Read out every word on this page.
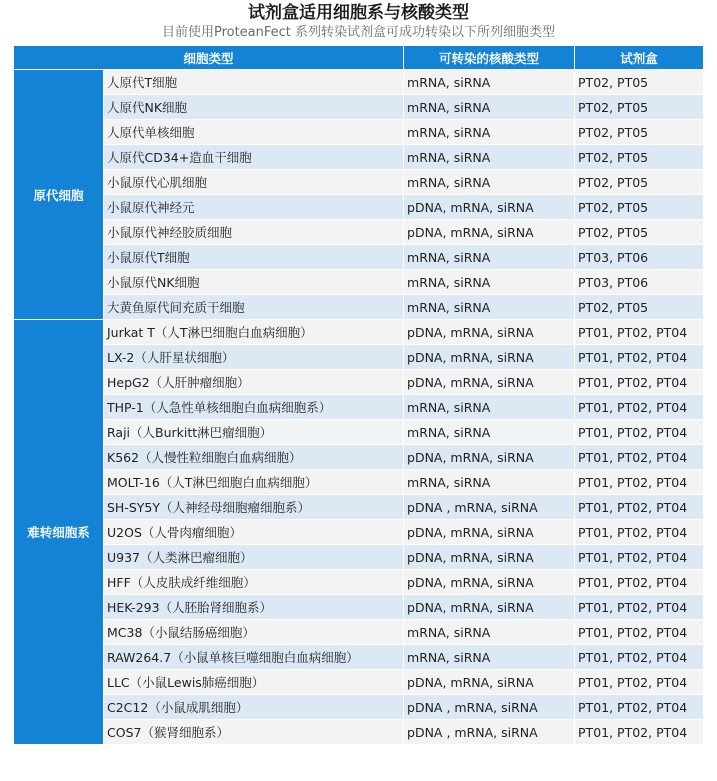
试剂盒适用细胞系与核酸类型
目前使用ProteanFect 系列转染试剂盒可成功转染以下所列细胞类型
细胞类型		可转染的核酸类型	试剂盒
原代细胞	人原代T细胞	mRNA, siRNA	PT02, PT05
	人原代NK细胞	mRNA, siRNA	PT02, PT05
	人原代单核细胞	mRNA, siRNA	PT02, PT05
	人原代CD34+造血干细胞	mRNA, siRNA	PT02, PT05
	小鼠原代心肌细胞	mRNA, siRNA	PT02, PT05
	小鼠原代神经元	pDNA, mRNA, siRNA	PT02, PT05
	小鼠原代神经胶质细胞	pDNA, mRNA, siRNA	PT02, PT05
	小鼠原代T细胞	mRNA, siRNA	PT03, PT06
	小鼠原代NK细胞	mRNA, siRNA	PT03, PT06
	大黄鱼原代间充质干细胞	mRNA, siRNA	PT02, PT05
难转细胞系	Jurkat T（人T淋巴细胞白血病细胞）	pDNA, mRNA, siRNA	PT01, PT02, PT04
	LX-2（人肝星状细胞）	pDNA, mRNA, siRNA	PT01, PT02, PT04
	HepG2（人肝肿瘤细胞）	pDNA, mRNA, siRNA	PT01, PT02, PT04
	THP-1（人急性单核细胞白血病细胞系）	mRNA, siRNA	PT01, PT02, PT04
	Raji（人Burkitt淋巴瘤细胞）	mRNA, siRNA	PT01, PT02, PT04
	K562（人慢性粒细胞白血病细胞）	pDNA, mRNA, siRNA	PT01, PT02, PT04
	MOLT-16（人T淋巴细胞白血病细胞）	mRNA, siRNA	PT01, PT02, PT04
	SH-SY5Y（人神经母细胞瘤细胞系）	pDNA , mRNA, siRNA	PT01, PT02, PT04
	U2OS（人骨肉瘤细胞）	pDNA, mRNA, siRNA	PT01, PT02, PT04
	U937（人类淋巴瘤细胞）	pDNA, mRNA, siRNA	PT01, PT02, PT04
	HFF（人皮肤成纤维细胞）	pDNA, mRNA, siRNA	PT01, PT02, PT04
	HEK-293（人胚胎肾细胞系）	pDNA, mRNA, siRNA	PT01, PT02, PT04
	MC38（小鼠结肠癌细胞）	mRNA, siRNA	PT01, PT02, PT04
	RAW264.7（小鼠单核巨噬细胞白血病细胞）	mRNA, siRNA	PT01, PT02, PT04
	LLC（小鼠Lewis肺癌细胞）	pDNA, mRNA, siRNA	PT01, PT02, PT04
	C2C12（小鼠成肌细胞）	pDNA , mRNA, siRNA	PT01, PT02, PT04
	COS7（猴肾细胞系）	pDNA , mRNA, siRNA	PT01, PT02, PT04
